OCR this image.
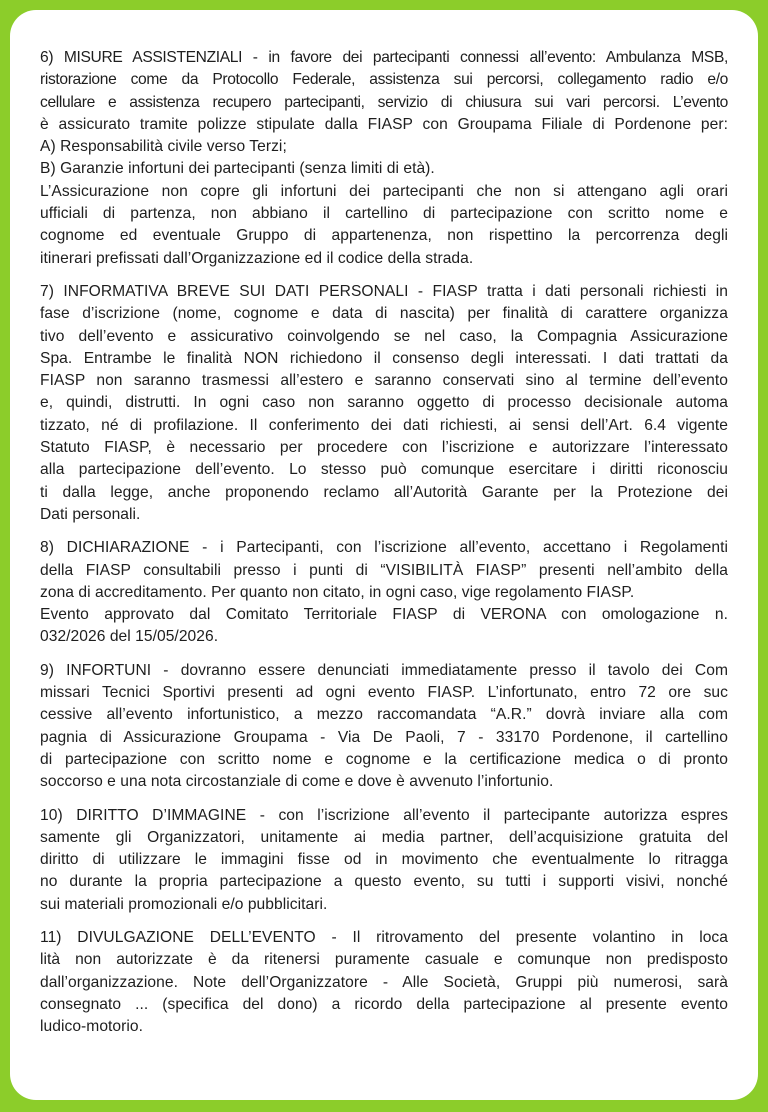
6) MISURE ASSISTENZIALI - in favore dei partecipanti connessi all’evento: Ambulanza MSB,
ristorazione come da Protocollo Federale, assistenza sui percorsi, collegamento radio e/o
cellulare e assistenza recupero partecipanti, servizio di chiusura sui vari percorsi. L’evento
è assicurato tramite polizze stipulate dalla FIASP con Groupama Filiale di Pordenone per:
A) Responsabilità civile verso Terzi;
B) Garanzie infortuni dei partecipanti (senza limiti di età).
L’Assicurazione non copre gli infortuni dei partecipanti che non si attengano agli orari
ufficiali di partenza, non abbiano il cartellino di partecipazione con scritto nome e
cognome ed eventuale Gruppo di appartenenza, non rispettino la percorrenza degli
itinerari prefissati dall’Organizzazione ed il codice della strada.
7) INFORMATIVA BREVE SUI DATI PERSONALI - FIASP tratta i dati personali richiesti in
fase d’iscrizione (nome, cognome e data di nascita) per finalità di carattere organizza
tivo dell’evento e assicurativo coinvolgendo se nel caso, la Compagnia Assicurazione
Spa. Entrambe le finalità NON richiedono il consenso degli interessati. I dati trattati da
FIASP non saranno trasmessi all’estero e saranno conservati sino al termine dell’evento
e, quindi, distrutti. In ogni caso non saranno oggetto di processo decisionale automa
tizzato, né di profilazione. Il conferimento dei dati richiesti, ai sensi dell’Art. 6.4 vigente
Statuto FIASP, è necessario per procedere con l’iscrizione e autorizzare l’interessato
alla partecipazione dell’evento. Lo stesso può comunque esercitare i diritti riconosciu
ti dalla legge, anche proponendo reclamo all’Autorità Garante per la Protezione dei
Dati personali.
8) DICHIARAZIONE - i Partecipanti, con l’iscrizione all’evento, accettano i Regolamenti
della FIASP consultabili presso i punti di “VISIBILITÀ FIASP” presenti nell’ambito della
zona di accreditamento. Per quanto non citato, in ogni caso, vige regolamento FIASP.
Evento approvato dal Comitato Territoriale FIASP di VERONA con omologazione n.
032/2026 del 15/05/2026.
9) INFORTUNI - dovranno essere denunciati immediatamente presso il tavolo dei Com
missari Tecnici Sportivi presenti ad ogni evento FIASP. L’infortunato, entro 72 ore suc
cessive all’evento infortunistico, a mezzo raccomandata “A.R.” dovrà inviare alla com
pagnia di Assicurazione Groupama - Via De Paoli, 7 - 33170 Pordenone, il cartellino
di partecipazione con scritto nome e cognome e la certificazione medica o di pronto
soccorso e una nota circostanziale di come e dove è avvenuto l’infortunio.
10) DIRITTO D’IMMAGINE - con l’iscrizione all’evento il partecipante autorizza espres
samente gli Organizzatori, unitamente ai media partner, dell’acquisizione gratuita del
diritto di utilizzare le immagini fisse od in movimento che eventualmente lo ritragga
no durante la propria partecipazione a questo evento, su tutti i supporti visivi, nonché
sui materiali promozionali e/o pubblicitari.
11) DIVULGAZIONE DELL’EVENTO - Il ritrovamento del presente volantino in loca
lità non autorizzate è da ritenersi puramente casuale e comunque non predisposto
dall’organizzazione. Note dell’Organizzatore - Alle Società, Gruppi più numerosi, sarà
consegnato ... (specifica del dono) a ricordo della partecipazione al presente evento
ludico-motorio.
